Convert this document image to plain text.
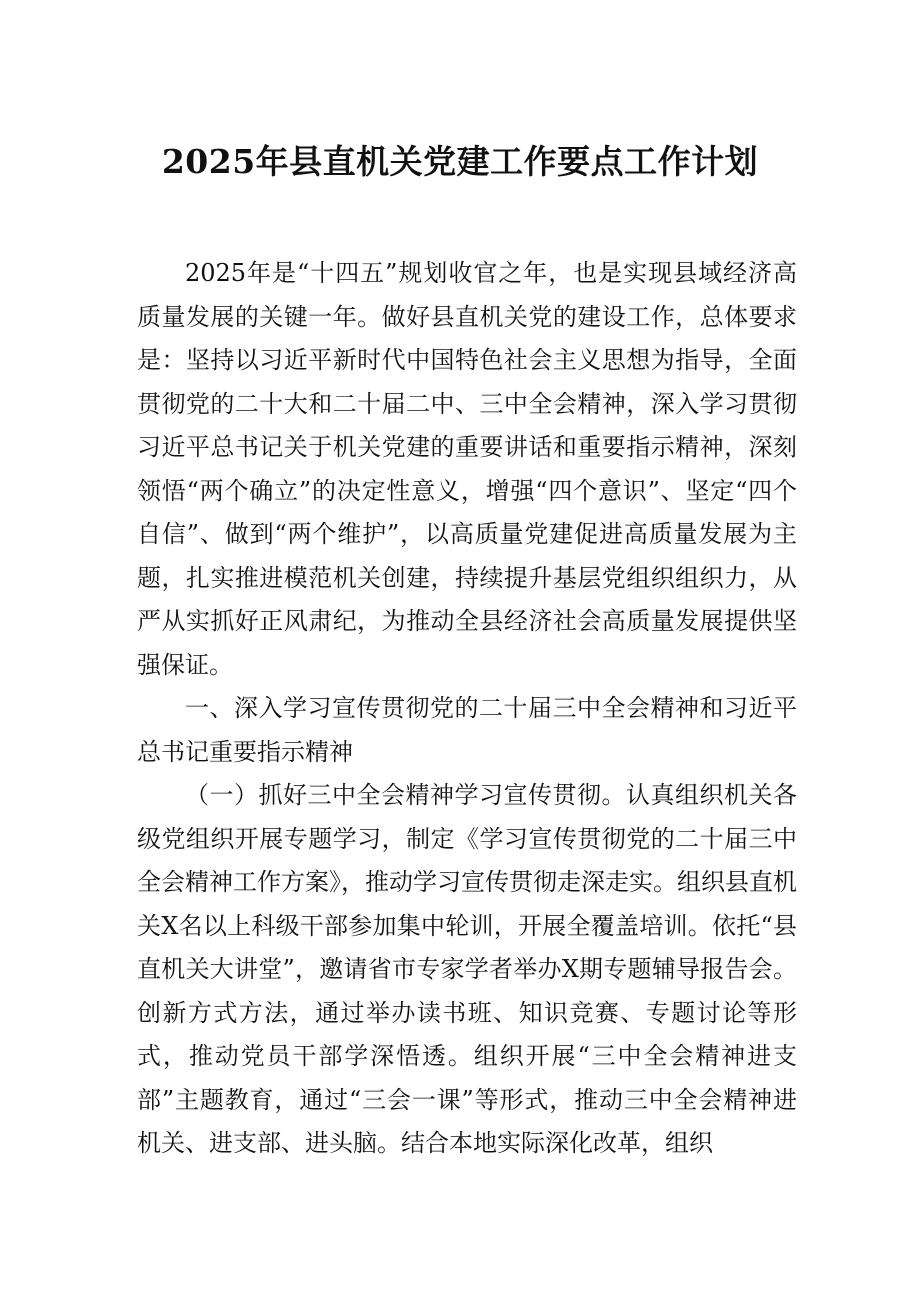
2025年县直机关党建工作要点工作计划

2025年是“十四五”规划收官之年，也是实现县域经济高质量发展的关键一年。做好县直机关党的建设工作，总体要求是：坚持以习近平新时代中国特色社会主义思想为指导，全面贯彻党的二十大和二十届二中、三中全会精神，深入学习贯彻习近平总书记关于机关党建的重要讲话和重要指示精神，深刻领悟“两个确立”的决定性意义，增强“四个意识”、坚定“四个自信”、做到“两个维护”，以高质量党建促进高质量发展为主题，扎实推进模范机关创建，持续提升基层党组织组织力，从严从实抓好正风肃纪，为推动全县经济社会高质量发展提供坚强保证。

一、深入学习宣传贯彻党的二十届三中全会精神和习近平总书记重要指示精神

（一）抓好三中全会精神学习宣传贯彻。认真组织机关各级党组织开展专题学习，制定《学习宣传贯彻党的二十届三中全会精神工作方案》，推动学习宣传贯彻走深走实。组织县直机关X名以上科级干部参加集中轮训，开展全覆盖培训。依托“县直机关大讲堂”，邀请省市专家学者举办X期专题辅导报告会。创新方式方法，通过举办读书班、知识竞赛、专题讨论等形式，推动党员干部学深悟透。组织开展“三中全会精神进支部”主题教育，通过“三会一课”等形式，推动三中全会精神进机关、进支部、进头脑。结合本地实际深化改革，组织
